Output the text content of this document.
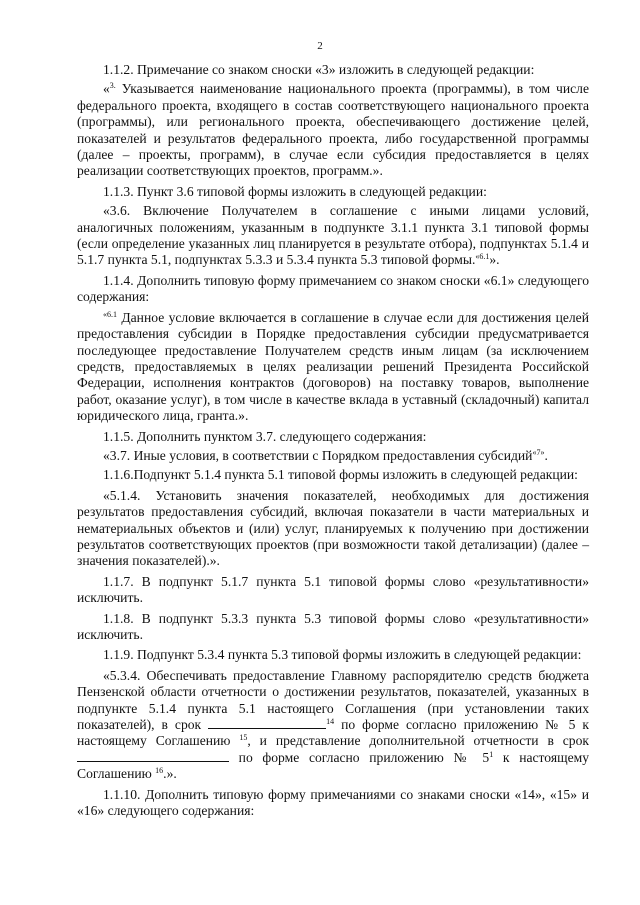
2

1.1.2. Примечание со знаком сноски «3» изложить в следующей редакции:

«$^{3.}$ Указывается наименование национального проекта (программы), в том числе федерального проекта, входящего в состав соответствующего национального проекта (программы), или регионального проекта, обеспечивающего достижение целей, показателей и результатов федерального проекта, либо государственной программы (далее – проекты, программ), в случае если субсидия предоставляется в целях реализации соответствующих проектов, программ.».

1.1.3. Пункт 3.6 типовой формы изложить в следующей редакции:

«3.6. Включение Получателем в соглашение с иными лицами условий, аналогичных положениям, указанным в подпункте 3.1.1 пункта 3.1 типовой формы (если определение указанных лиц планируется в результате отбора), подпунктах 5.1.4 и 5.1.7 пункта 5.1, подпунктах 5.3.3 и 5.3.4 пункта 5.3 типовой формы.$^{«6.1}$».

1.1.4. Дополнить типовую форму примечанием со знаком сноски «6.1» следующего содержания:

$^{«6.1}$ Данное условие включается в соглашение в случае если для достижения целей предоставления субсидии в Порядке предоставления субсидии предусматривается последующее предоставление Получателем средств иным лицам (за исключением средств, предоставляемых в целях реализации решений Президента Российской Федерации, исполнения контрактов (договоров) на поставку товаров, выполнение работ, оказание услуг), в том числе в качестве вклада в уставный (складочный) капитал юридического лица, гранта.».

1.1.5. Дополнить пунктом 3.7. следующего содержания:

«3.7. Иные условия, в соответствии с Порядком предоставления субсидий$^{«7»}$.

1.1.6.Подпункт 5.1.4 пункта 5.1 типовой формы изложить в следующей редакции:

«5.1.4. Установить значения показателей, необходимых для достижения результатов предоставления субсидий, включая показатели в части материальных и нематериальных объектов и (или) услуг, планируемых к получению при достижении результатов соответствующих проектов (при возможности такой детализации) (далее – значения показателей).».

1.1.7. В подпункт 5.1.7 пункта 5.1 типовой формы слово «результативности» исключить.

1.1.8. В подпункт 5.3.3 пункта 5.3 типовой формы слово «результативности» исключить.

1.1.9. Подпункт 5.3.4 пункта 5.3 типовой формы изложить в следующей редакции:

«5.3.4. Обеспечивать предоставление Главному распорядителю средств бюджета Пензенской области отчетности о достижении результатов, показателей, указанных в подпункте 5.1.4 пункта 5.1 настоящего Соглашения (при установлении таких показателей), в срок	$^{14}$ по форме согласно приложению № 5 к настоящему Соглашению $^{15}$, и представление дополнительной отчетности в срок  по форме согласно приложению № $5^1$ к настоящему Соглашению $^{16}$.».

1.1.10. Дополнить типовую форму примечаниями со знаками сноски «14», «15» и «16» следующего содержания:
